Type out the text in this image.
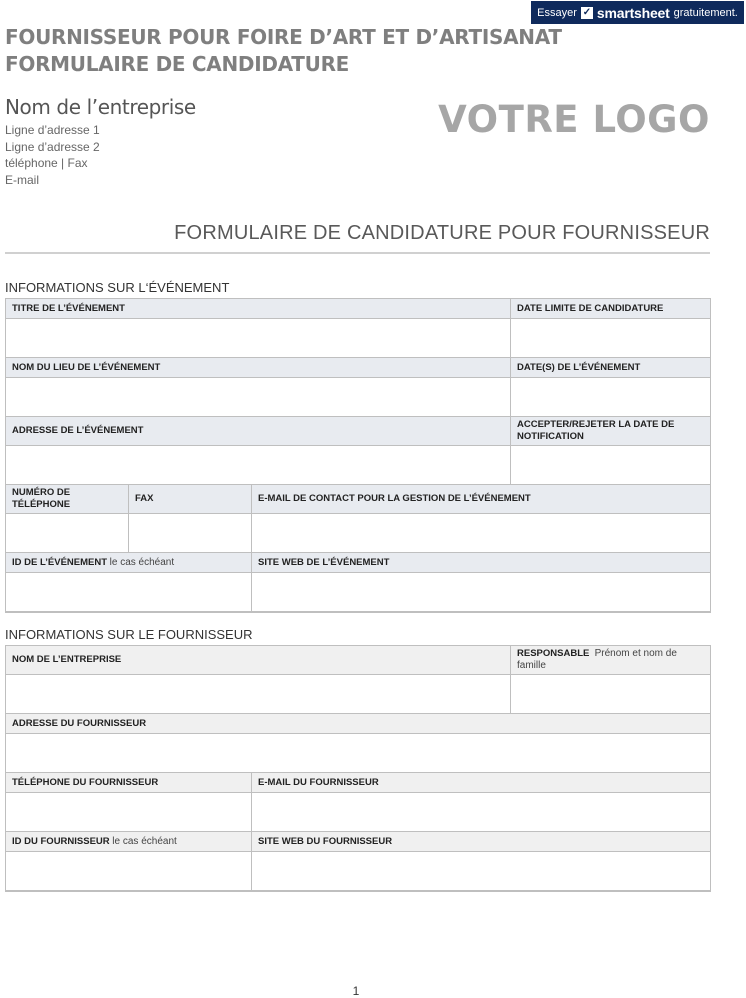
Essayer ✓ smartsheet gratuitement.
FOURNISSEUR POUR FOIRE D’ART ET D’ARTISANAT
FORMULAIRE DE CANDIDATURE
Nom de l’entreprise
Ligne d’adresse 1
Ligne d’adresse 2
téléphone | Fax
E-mail
VOTRE LOGO
FORMULAIRE DE CANDIDATURE POUR FOURNISSEUR
INFORMATIONS SUR L‘ÉVÉNEMENT
TITRE DE L’ÉVÉNEMENT			DATE LIMITE DE CANDIDATURE

NOM DU LIEU DE L’ÉVÉNEMENT			DATE(S) DE L’ÉVÉNEMENT

ADRESSE DE L’ÉVÉNEMENT			ACCEPTER/REJETER LA DATE DE NOTIFICATION

NUMÉRO DE TÉLÉPHONE	FAX	E-MAIL DE CONTACT POUR LA GESTION DE L’ÉVÉNEMENT	

ID DE L’ÉVÉNEMENT le cas échéant		SITE WEB DE L’ÉVÉNEMENT	

INFORMATIONS SUR LE FOURNISSEUR
NOM DE L’ENTREPRISE		RESPONSABLE Prénom et nom de famille

ADRESSE DU FOURNISSEUR		

TÉLÉPHONE DU FOURNISSEUR	E-MAIL DU FOURNISSEUR	

ID DU FOURNISSEUR le cas échéant	SITE WEB DU FOURNISSEUR	

1
